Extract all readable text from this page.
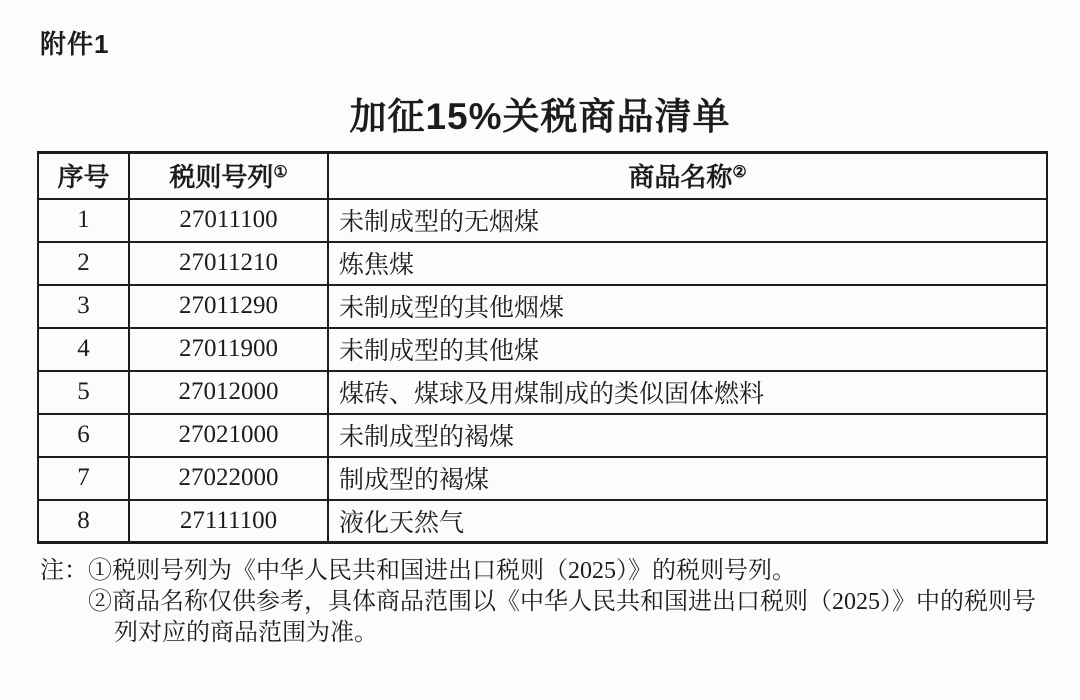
附件1
加征15%关税商品清单
序号	税则号列①	商品名称②
1	27011100	未制成型的无烟煤
2	27011210	炼焦煤
3	27011290	未制成型的其他烟煤
4	27011900	未制成型的其他煤
5	27012000	煤砖、煤球及用煤制成的类似固体燃料
6	27021000	未制成型的褐煤
7	27022000	制成型的褐煤
8	27111100	液化天然气
注： ①税则号列为《中华人民共和国进出口税则（2025）》的税则号列。
②商品名称仅供参考，具体商品范围以《中华人民共和国进出口税则（2025）》中的税则号列对应的商品范围为准。
